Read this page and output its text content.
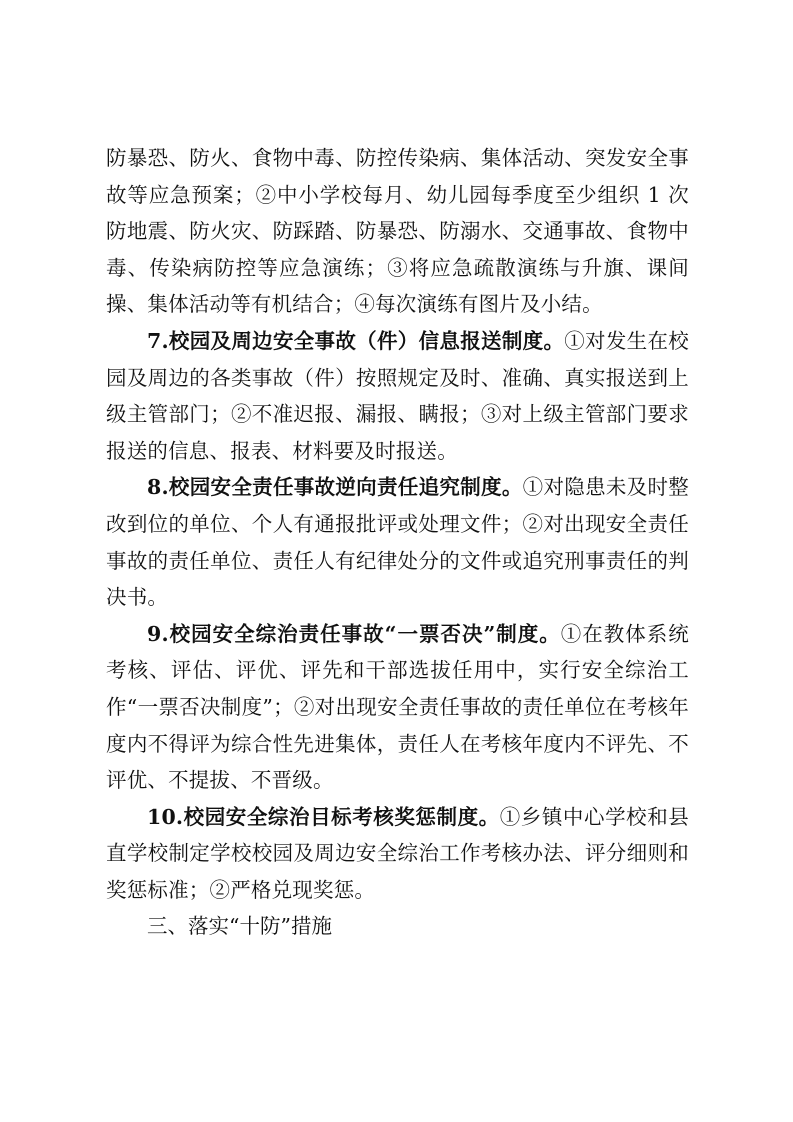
防暴恐、防火、食物中毒、防控传染病、集体活动、突发安全事故等应急预案；②中小学校每月、幼儿园每季度至少组织 1 次防地震、防火灾、防踩踏、防暴恐、防溺水、交通事故、食物中毒、传染病防控等应急演练；③将应急疏散演练与升旗、课间操、集体活动等有机结合；④每次演练有图片及小结。

7.校园及周边安全事故（件）信息报送制度。①对发生在校园及周边的各类事故（件）按照规定及时、准确、真实报送到上级主管部门；②不准迟报、漏报、瞒报；③对上级主管部门要求报送的信息、报表、材料要及时报送。

8.校园安全责任事故逆向责任追究制度。①对隐患未及时整改到位的单位、个人有通报批评或处理文件；②对出现安全责任事故的责任单位、责任人有纪律处分的文件或追究刑事责任的判决书。

9.校园安全综治责任事故“一票否决”制度。①在教体系统考核、评估、评优、评先和干部选拔任用中，实行安全综治工作“一票否决制度”；②对出现安全责任事故的责任单位在考核年度内不得评为综合性先进集体，责任人在考核年度内不评先、不评优、不提拔、不晋级。

10.校园安全综治目标考核奖惩制度。①乡镇中心学校和县直学校制定学校校园及周边安全综治工作考核办法、评分细则和奖惩标准；②严格兑现奖惩。

三、落实“十防”措施
